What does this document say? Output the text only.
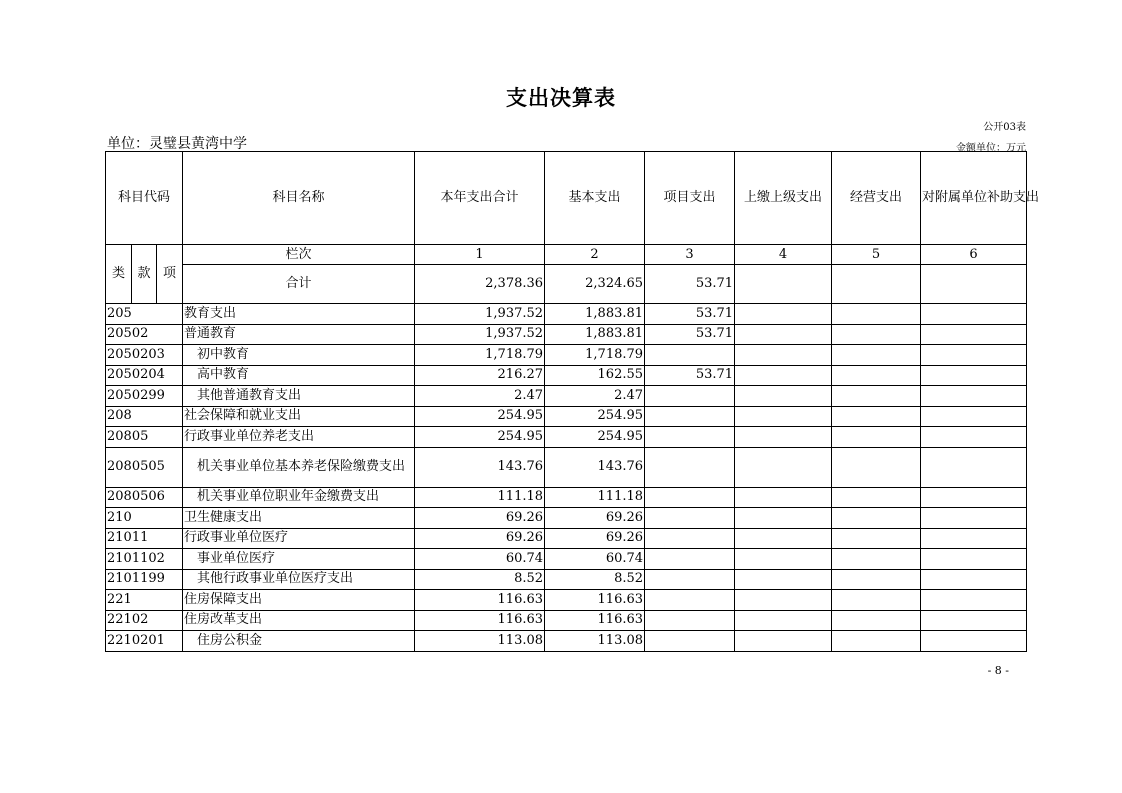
支出决算表
公开03表
单位：灵璧县黄湾中学	金额单位：万元
科目代码			科目名称	本年支出合计	基本支出	项目支出	上缴上级支出	经营支出	对附属单位补助支出
类	款	项	栏次	1	2	3	4	5	6
			合计	2,378.36	2,324.65	53.71			
205			教育支出	1,937.52	1,883.81	53.71			
20502			普通教育	1,937.52	1,883.81	53.71			
2050203			初中教育	1,718.79	1,718.79				
2050204			高中教育	216.27	162.55	53.71			
2050299			其他普通教育支出	2.47	2.47				
208			社会保障和就业支出	254.95	254.95				
20805			行政事业单位养老支出	254.95	254.95				
2080505			机关事业单位基本养老保险缴费支出	143.76	143.76				
2080506			机关事业单位职业年金缴费支出	111.18	111.18				
210			卫生健康支出	69.26	69.26				
21011			行政事业单位医疗	69.26	69.26				
2101102			事业单位医疗	60.74	60.74				
2101199			其他行政事业单位医疗支出	8.52	8.52				
221			住房保障支出	116.63	116.63				
22102			住房改革支出	116.63	116.63				
2210201			住房公积金	113.08	113.08				
- 8 -
